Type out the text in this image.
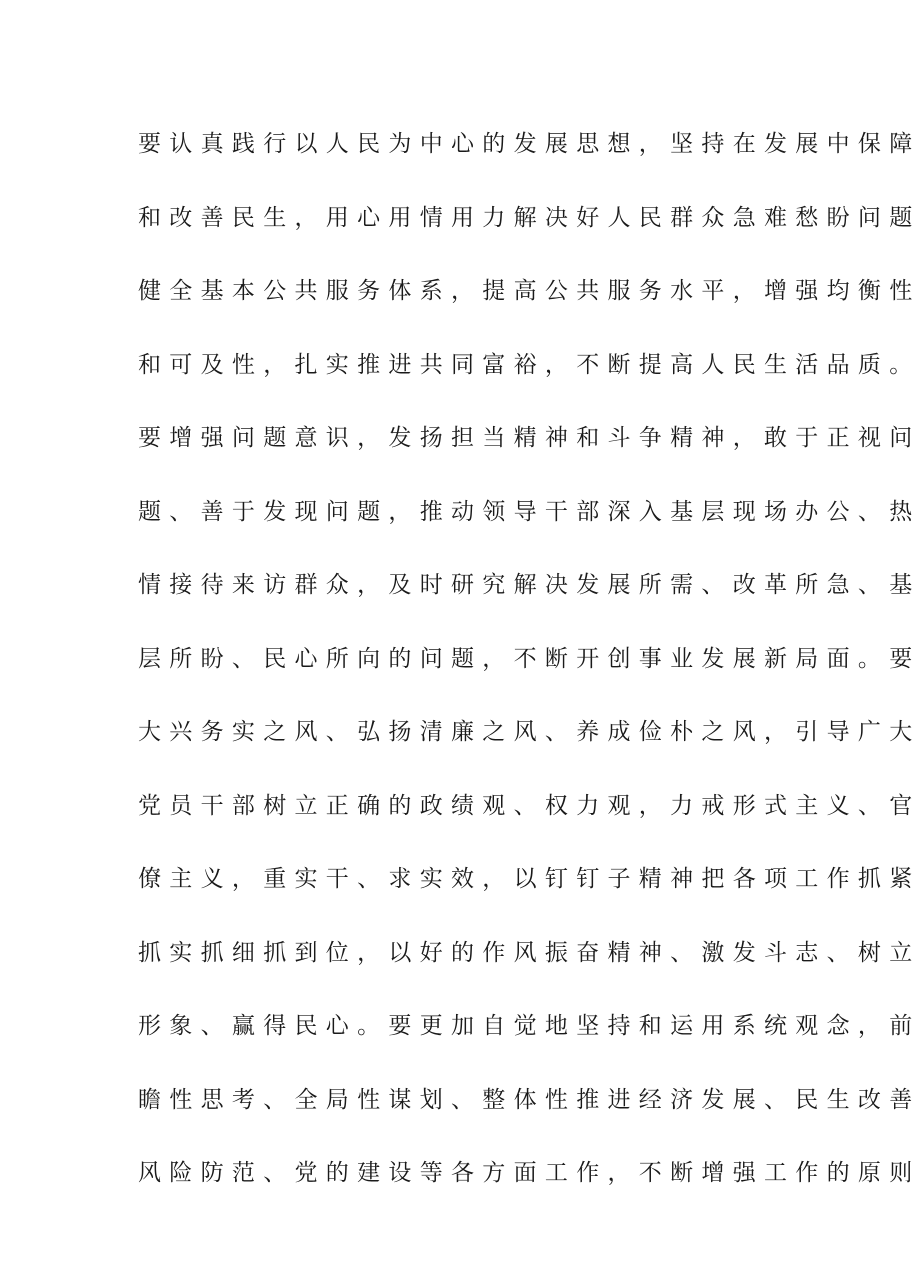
要认真践行以人民为中心的发展思想，坚持在发展中保障
和改善民生，用心用情用力解决好人民群众急难愁盼问题
健全基本公共服务体系，提高公共服务水平，增强均衡性
和可及性，扎实推进共同富裕，不断提高人民生活品质。
要增强问题意识，发扬担当精神和斗争精神，敢于正视问
题、善于发现问题，推动领导干部深入基层现场办公、热
情接待来访群众，及时研究解决发展所需、改革所急、基
层所盼、民心所向的问题，不断开创事业发展新局面。要
大兴务实之风、弘扬清廉之风、养成俭朴之风，引导广大
党员干部树立正确的政绩观、权力观，力戒形式主义、官
僚主义，重实干、求实效，以钉钉子精神把各项工作抓紧
抓实抓细抓到位，以好的作风振奋精神、激发斗志、树立
形象、赢得民心。要更加自觉地坚持和运用系统观念，前
瞻性思考、全局性谋划、整体性推进经济发展、民生改善
风险防范、党的建设等各方面工作，不断增强工作的原则
